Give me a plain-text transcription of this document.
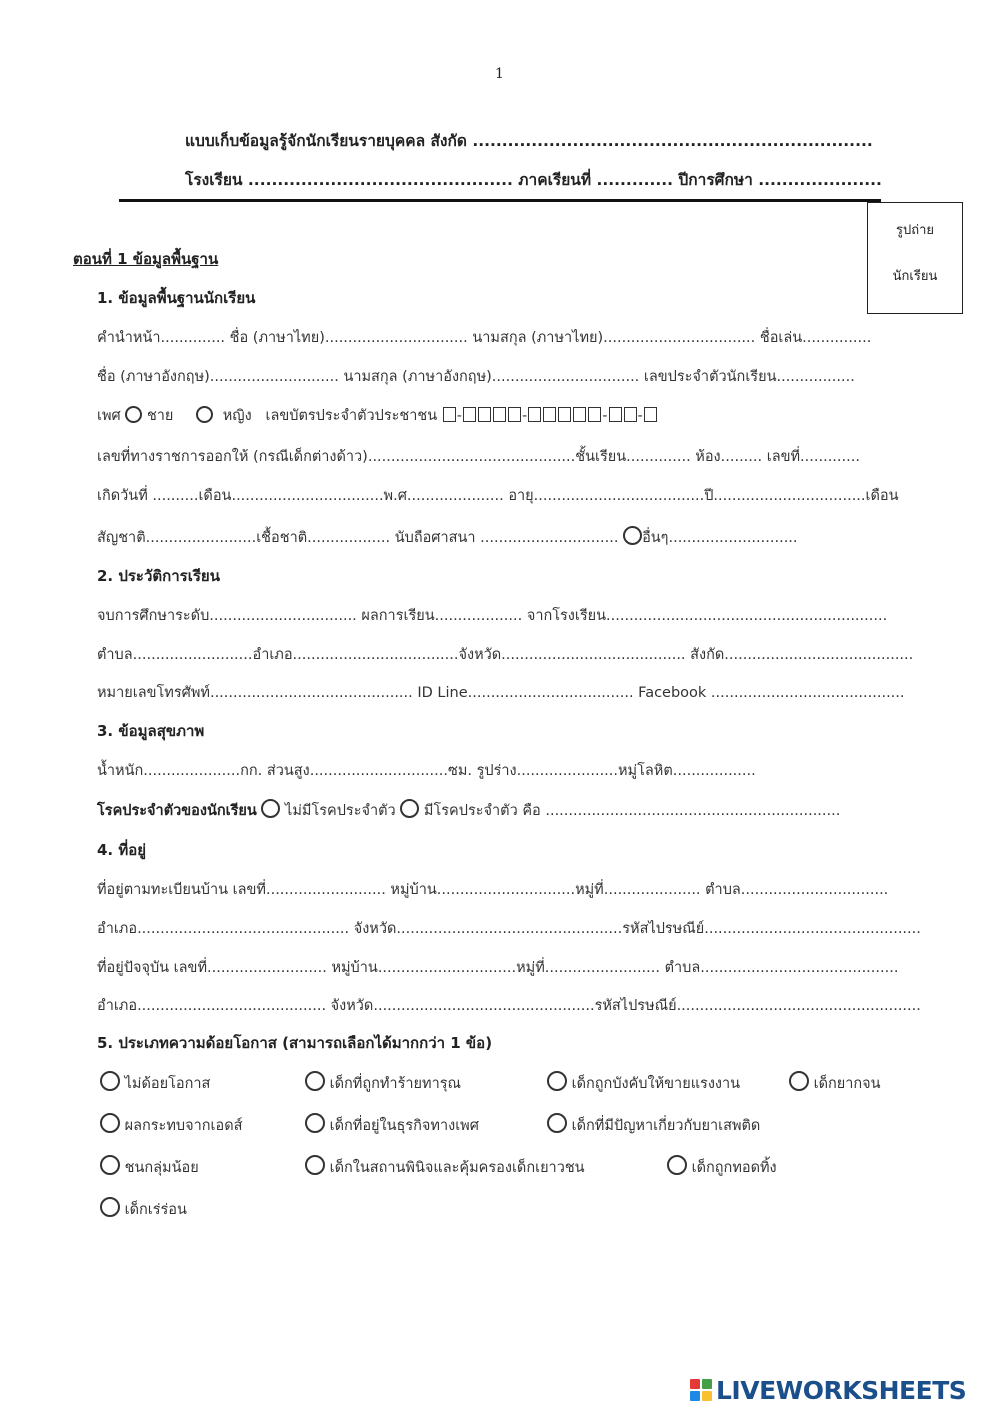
1
แบบเก็บข้อมูลรู้จักนักเรียนรายบุคคล สังกัด ....................................................................
โรงเรียน ............................................. ภาคเรียนที่ ............. ปีการศึกษา .....................
รูปถ่าย
นักเรียน
ตอนที่ 1 ข้อมูลพื้นฐาน
1. ข้อมูลพื้นฐานนักเรียน
คำนำหน้า.............. ชื่อ (ภาษาไทย)............................... นามสกุล (ภาษาไทย)................................. ชื่อเล่น...............
ชื่อ (ภาษาอังกฤษ)............................ นามสกุล (ภาษาอังกฤษ)................................ เลขประจำตัวนักเรียน.................
เพศ ชาย	หญิง เลขบัตรประจำตัวประชาชน -	-	- -
เลขที่ทางราชการออกให้ (กรณีเด็กต่างด้าว).............................................ชั้นเรียน.............. ห้อง......... เลขที่.............
เกิดวันที่ ..........เดือน.................................พ.ศ..................... อายุ.....................................ปี.................................เดือน
สัญชาติ........................เชื้อชาติ.................. นับถือศาสนา .............................. อื่นๆ............................
2. ประวัติการเรียน
จบการศึกษาระดับ................................ ผลการเรียน................... จากโรงเรียน.............................................................
ตำบล..........................อำเภอ....................................จังหวัด........................................ สังกัด.........................................
หมายเลขโทรศัพท์............................................ ID Line.................................... Facebook ..........................................
3. ข้อมูลสุขภาพ
น้ำหนัก.....................กก. ส่วนสูง..............................ซม. รูปร่าง......................หมู่โลหิต..................
โรคประจำตัวของนักเรียน ไม่มีโรคประจำตัว มีโรคประจำตัว คือ ................................................................
4. ที่อยู่
ที่อยู่ตามทะเบียนบ้าน เลขที่.......................... หมู่บ้าน..............................หมู่ที่..................... ตำบล................................
อำเภอ.............................................. จังหวัด.................................................รหัสไปรษณีย์...............................................
ที่อยู่ปัจจุบัน เลขที่.......................... หมู่บ้าน..............................หมู่ที่......................... ตำบล...........................................
อำเภอ......................................... จังหวัด................................................รหัสไปรษณีย์.....................................................
5. ประเภทความด้อยโอกาส (สามารถเลือกได้มากกว่า 1 ข้อ)
ไม่ด้อยโอกาส	เด็กที่ถูกทำร้ายทารุณ	เด็กถูกบังคับให้ขายแรงงาน	เด็กยากจน
ผลกระทบจากเอดส์	เด็กที่อยู่ในธุรกิจทางเพศ	เด็กที่มีปัญหาเกี่ยวกับยาเสพติด
ชนกลุ่มน้อย	เด็กในสถานพินิจและคุ้มครองเด็กเยาวชน	เด็กถูกทอดทิ้ง
เด็กเร่ร่อน
LIVEWORKSHEETS
